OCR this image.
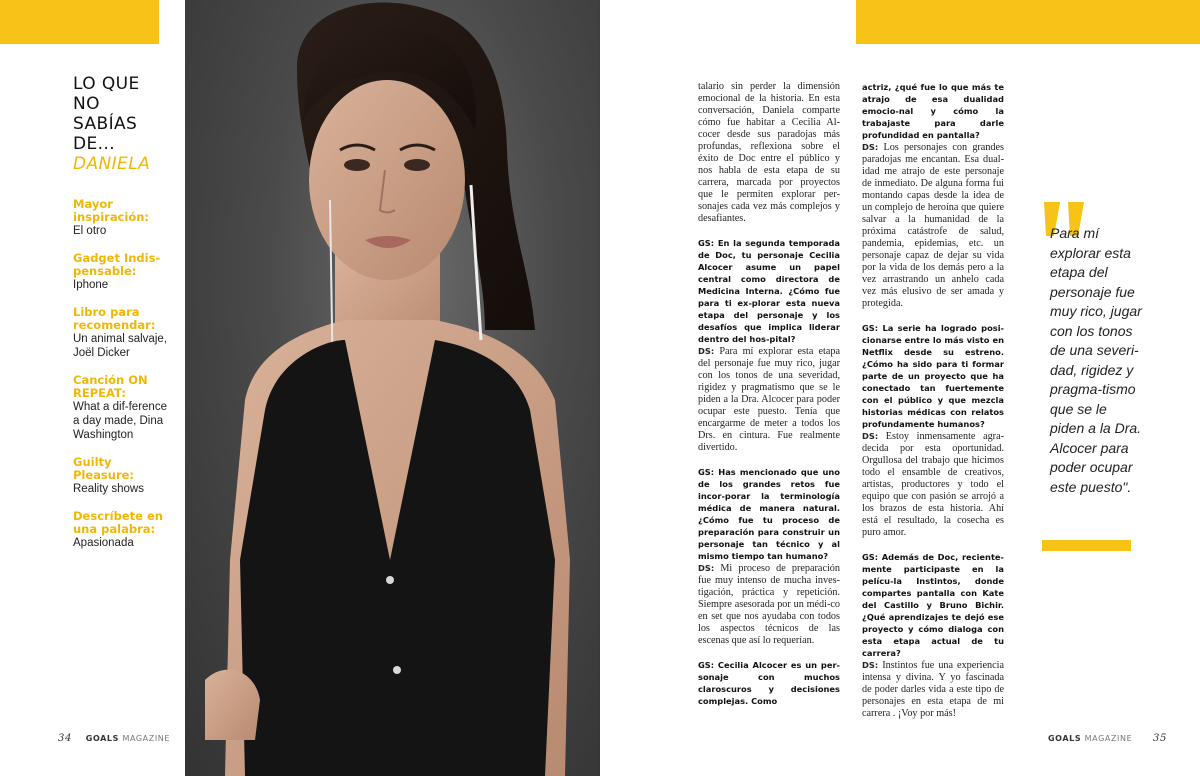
LO QUE
NO
SABÍAS
DE...
DANIELA
Mayor inspiración:
El otro
Gadget Indis-pensable:
Iphone
Libro para recomendar:
Un animal salvaje, Joël Dicker
Canción ON REPEAT:
What a dif-ference a day made, Dina Washington
Guilty Pleasure:
Reality shows
Descríbete en una palabra:
Apasionada
34 GOALS MAGAZINE

talario sin perder la dimensión emocional de la historia. En esta conversación, Daniela comparte cómo fue habitar a Cecilia Al-cocer desde sus paradojas más profundas, reflexiona sobre el éxito de Doc entre el público y nos habla de esta etapa de su carrera, marcada por proyectos que le permiten explorar per-sonajes cada vez más complejos y desafiantes.

GS: En la segunda temporada de Doc, tu personaje Cecilia Alcocer asume un papel central como directora de Medicina Interna. ¿Cómo fue para ti ex-plorar esta nueva etapa del personaje y los desafíos que implica liderar dentro del hos-pital?

DS: Para mí explorar esta etapa del personaje fue muy rico, jugar con los tonos de una severidad, rigidez y pragmatismo que se le piden a la Dra. Alcocer para poder ocupar este puesto. Tenía que encargarme de meter a todos los Drs. en cintura. Fue realmente divertido.

GS: Has mencionado que uno de los grandes retos fue incor-porar la terminología médica de manera natural. ¿Cómo fue tu proceso de preparación para construir un personaje tan técnico y al mismo tiempo tan humano?

DS: Mi proceso de preparación fue muy intenso de mucha inves-tigación, práctica y repetición. Siempre asesorada por un médi-co en set que nos ayudaba con todos los aspectos técnicos de las escenas que así lo requerían.

GS: Cecilia Alcocer es un per-sonaje con muchos claroscuros y decisiones complejas. Como

actriz, ¿qué fue lo que más te atrajo de esa dualidad emocio-nal y cómo la trabajaste para darle profundidad en pantalla?

DS: Los personajes con grandes paradojas me encantan. Esa dual-idad me atrajo de este personaje de inmediato. De alguna forma fui montando capas desde la idea de un complejo de heroína que quiere salvar a la humanidad de la próxima catástrofe de salud, pandemia, epidemias, etc. un personaje capaz de dejar su vida por la vida de los demás pero a la vez arrastrando un anhelo cada vez más elusivo de ser amada y protegida.

GS: La serie ha logrado posi-cionarse entre lo más visto en Netflix desde su estreno. ¿Cómo ha sido para ti formar parte de un proyecto que ha conectado tan fuertemente con el público y que mezcla historias médicas con relatos profundamente humanos?

DS: Estoy inmensamente agra-decida por esta oportunidad. Orgullosa del trabajo que hicimos todo el ensamble de creativos, artistas, productores y todo el equipo que con pasión se arrojó a los brazos de esta historia. Ahí está el resultado, la cosecha es puro amor.

GS: Además de Doc, reciente-mente participaste en la pelícu-la Instintos, donde compartes pantalla con Kate del Castillo y Bruno Bichir. ¿Qué aprendizajes te dejó ese proyecto y cómo dialoga con esta etapa actual de tu carrera?

DS: Instintos fue una experiencia intensa y divina. Y yo fascinada de poder darles vida a este tipo de personajes en esta etapa de mi carrera . ¡Voy por más!

Para mí explorar esta etapa del personaje fue muy rico, jugar con los tonos de una severi-dad, rigidez y pragma-tismo que se le piden a la Dra. Alcocer para poder ocupar este puesto".
GOALS MAGAZINE 35
